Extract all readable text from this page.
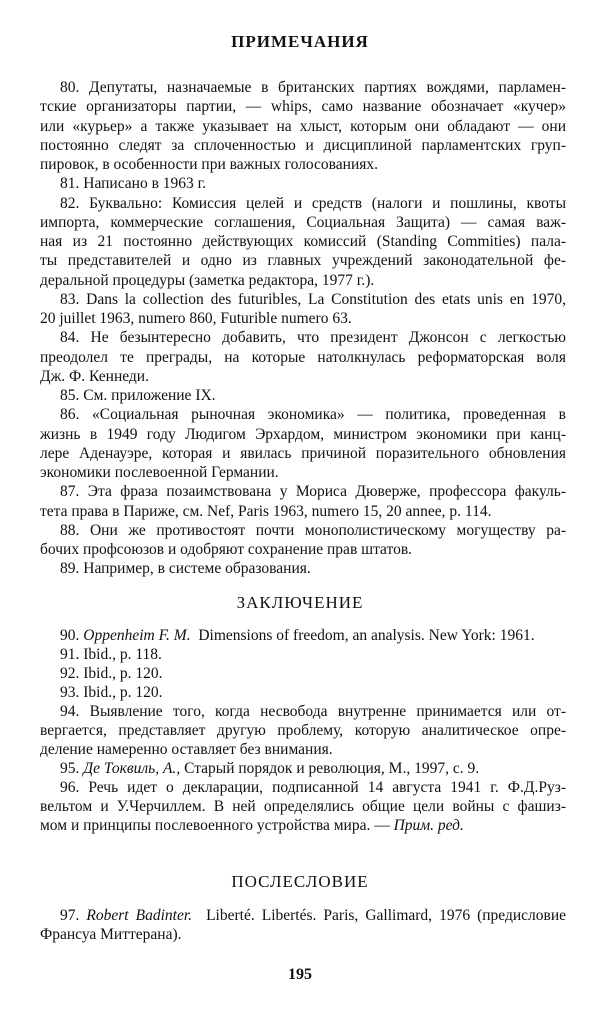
ПРИМЕЧАНИЯ
80. Депутаты, назначаемые в британских партиях вождями, парламен-
тские организаторы партии, — whips, само название обозначает «кучер»
или «курьер» а также указывает на хлыст, которым они обладают — они
постоянно следят за сплоченностью и дисциплиной парламентских груп-
пировок, в особенности при важных голосованиях.
81. Написано в 1963 г.
82. Буквально: Комиссия целей и средств (налоги и пошлины, квоты
импорта, коммерческие соглашения, Социальная Защита) — самая важ-
ная из 21 постоянно действующих комиссий (Standing Commities) пала-
ты представителей и одно из главных учреждений законодательной фе-
деральной процедуры (заметка редактора, 1977 г.).
83. Dans la collection des futuribles, La Constitution des etats unis en 1970,
20 juillet 1963, numero 860, Futurible numero 63.
84. Не безынтересно добавить, что президент Джонсон с легкостью
преодолел те преграды, на которые натолкнулась реформаторская воля
Дж. Ф. Кеннеди.
85. См. приложение IX.
86. «Социальная рыночная экономика» — политика, проведенная в
жизнь в 1949 году Людигом Эрхардом, министром экономики при канц-
лере Аденауэре, которая и явилась причиной поразительного обновления
экономики послевоенной Германии.
87. Эта фраза позаимствована у Мориса Дюверже, профессора факуль-
тета права в Париже, см. Nef, Paris 1963, numero 15, 20 annee, p. 114.
88. Они же противостоят почти монополистическому могуществу ра-
бочих профсоюзов и одобряют сохранение прав штатов.
89. Например, в системе образования.
ЗАКЛЮЧЕНИЕ
90. Oppenheim F. M.  Dimensions of freedom, an analysis. New York: 1961.
91. Ibid., p. 118.
92. Ibid., p. 120.
93. Ibid., p. 120.
94. Выявление того, когда несвобода внутренне принимается или от-
вергается, представляет другую проблему, которую аналитическое опре-
деление намеренно оставляет без внимания.
95. Де Токвиль, А., Старый порядок и революция, М., 1997, с. 9.
96. Речь идет о декларации, подписанной 14 августа 1941 г. Ф.Д.Руз-
вельтом и У.Черчиллем. В ней определялись общие цели войны с фашиз-
мом и принципы послевоенного устройства мира. — Прим. ред.
ПОСЛЕСЛОВИЕ
97. Robert Badinter.  Liberté. Libertés. Paris, Gallimard, 1976 (предисловие
Франсуа Миттерана).
195
